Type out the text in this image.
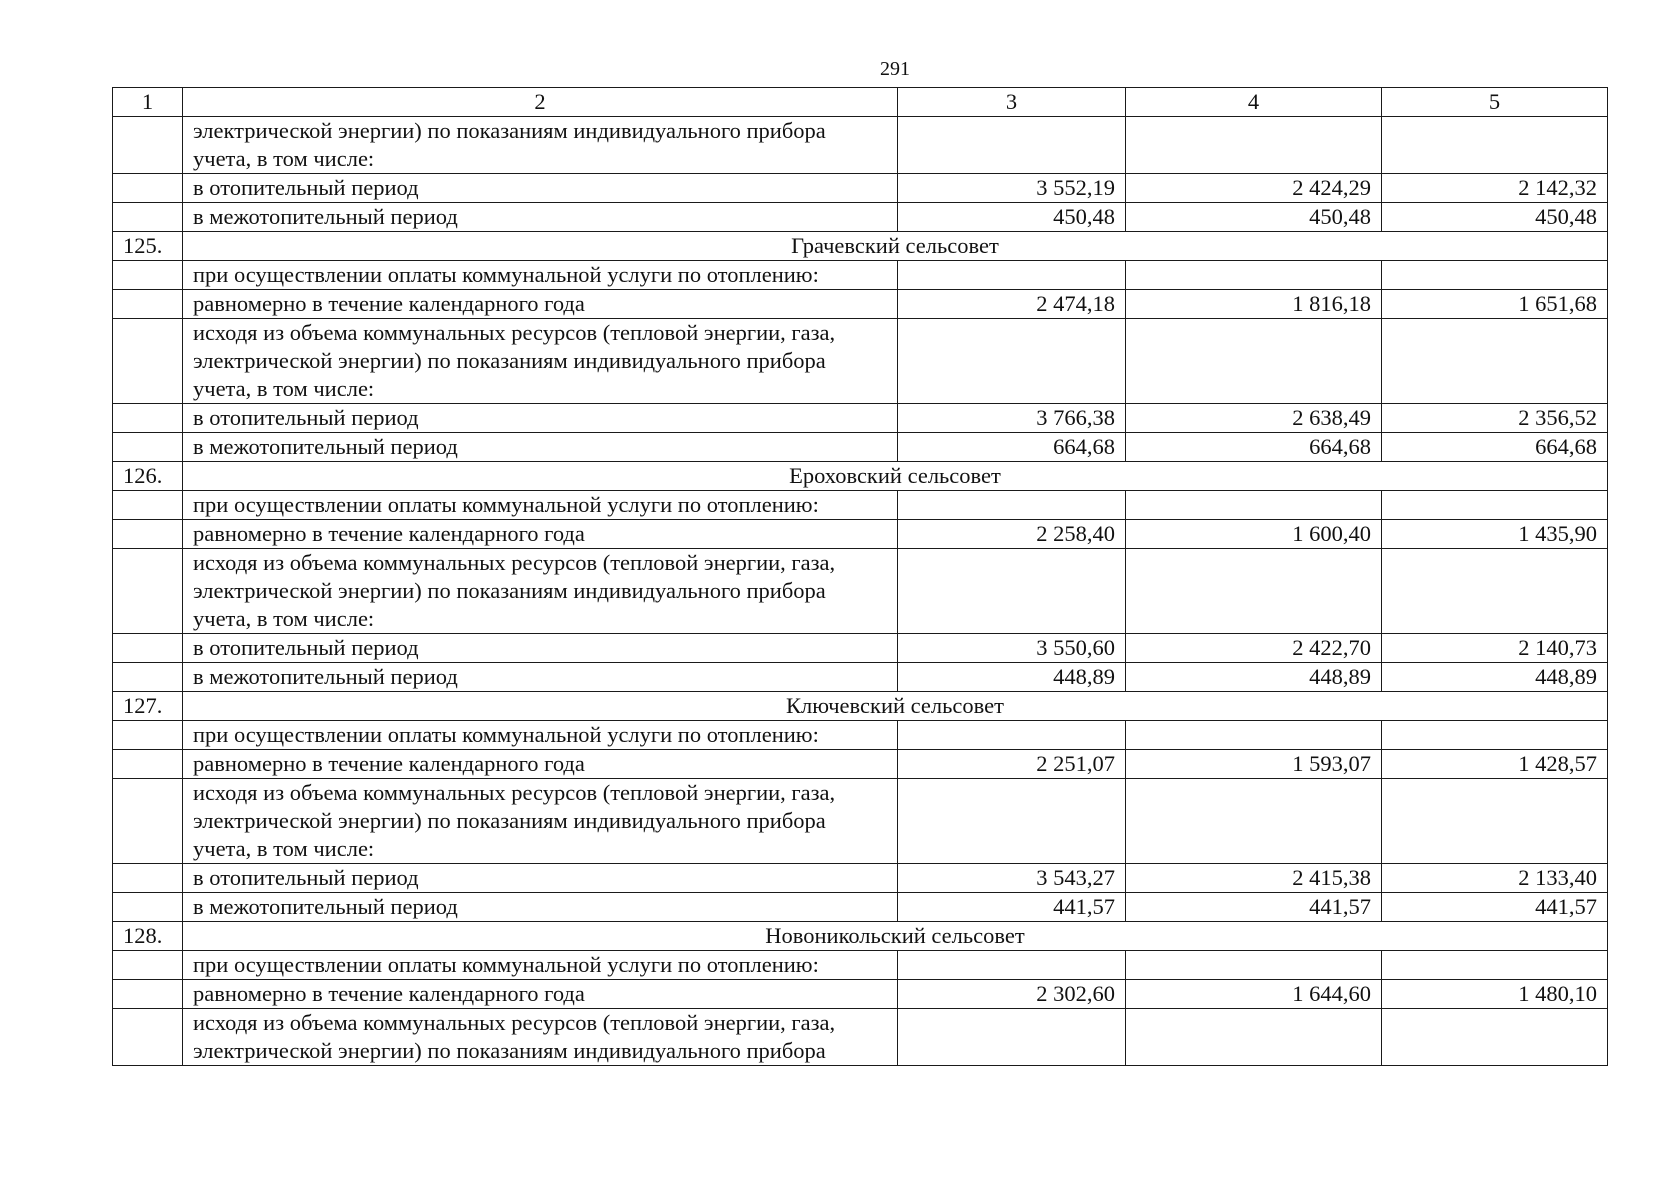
291
1	2	3	4	5

	электрической энергии) по показаниям индивидуального прибора
учета, в том числе:			

	в отопительный период	3 552,19	2 424,29	2 142,32

	в межотопительный период	450,48	450,48	450,48
125.	Грачевский сельсовет			

	при осуществлении оплаты коммунальной услуги по отоплению:			

	равномерно в течение календарного года	2 474,18	1 816,18	1 651,68

	исходя из объема коммунальных ресурсов (тепловой энергии, газа,
электрической энергии) по показаниям индивидуального прибора
учета, в том числе:			

	в отопительный период	3 766,38	2 638,49	2 356,52

	в межотопительный период	664,68	664,68	664,68
126.	Ероховский сельсовет			

	при осуществлении оплаты коммунальной услуги по отоплению:			

	равномерно в течение календарного года	2 258,40	1 600,40	1 435,90

	исходя из объема коммунальных ресурсов (тепловой энергии, газа,
электрической энергии) по показаниям индивидуального прибора
учета, в том числе:			

	в отопительный период	3 550,60	2 422,70	2 140,73

	в межотопительный период	448,89	448,89	448,89
127.	Ключевский сельсовет			

	при осуществлении оплаты коммунальной услуги по отоплению:			

	равномерно в течение календарного года	2 251,07	1 593,07	1 428,57

	исходя из объема коммунальных ресурсов (тепловой энергии, газа,
электрической энергии) по показаниям индивидуального прибора
учета, в том числе:			

	в отопительный период	3 543,27	2 415,38	2 133,40

	в межотопительный период	441,57	441,57	441,57
128.	Новоникольский сельсовет			

	при осуществлении оплаты коммунальной услуги по отоплению:			

	равномерно в течение календарного года	2 302,60	1 644,60	1 480,10

	исходя из объема коммунальных ресурсов (тепловой энергии, газа,
электрической энергии) по показаниям индивидуального прибора			
